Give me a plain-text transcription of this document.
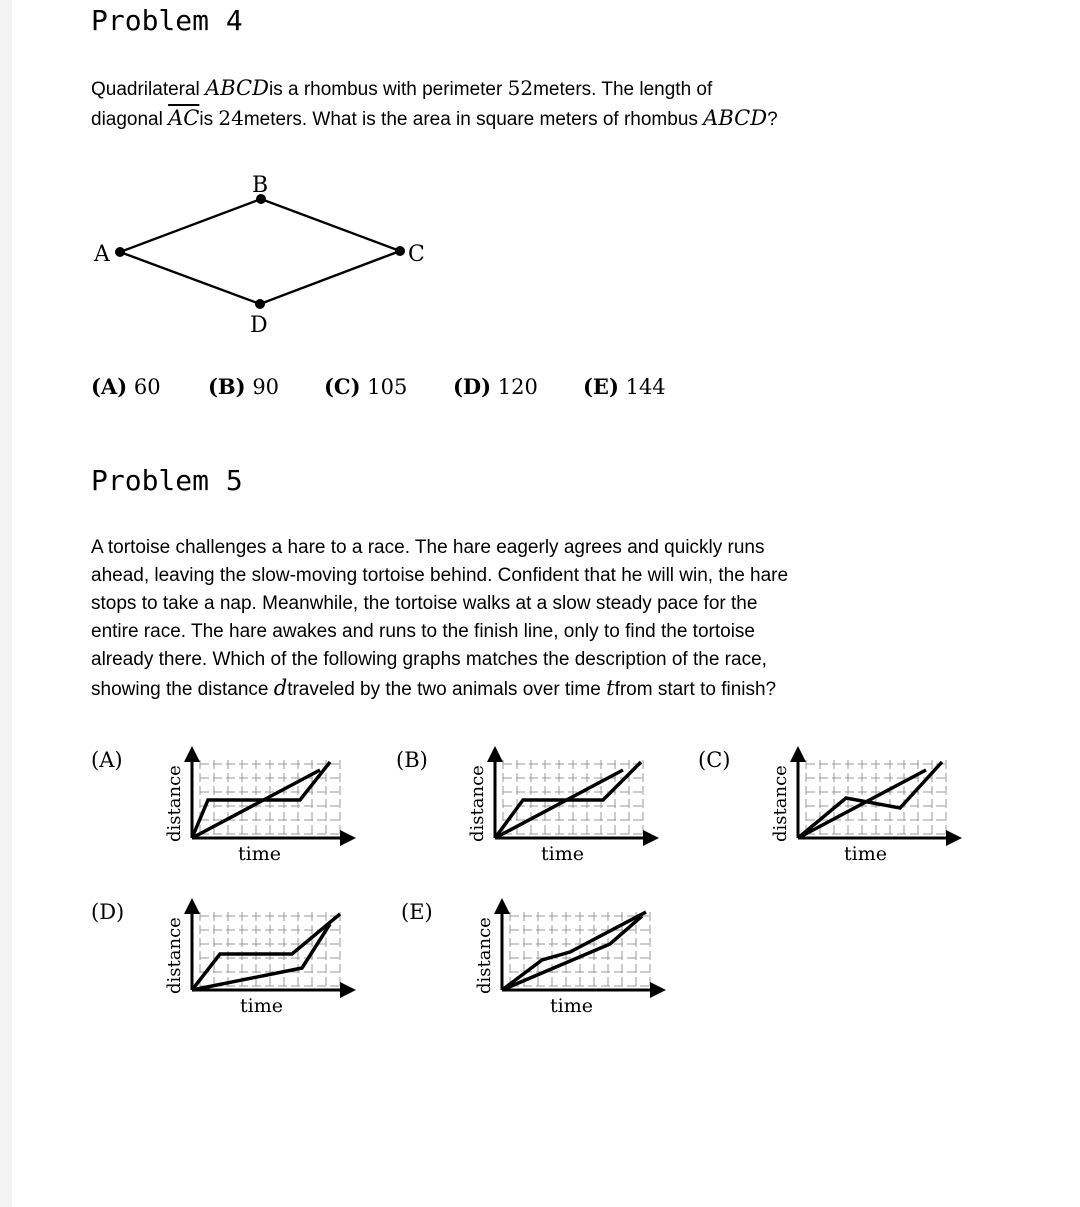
Problem 4
Quadrilateral ABCDis a rhombus with perimeter 52meters. The length of
diagonal $\overline{AC}is$ 24meters. What is the area in square meters of rhombus ABCD?
A
B
C
D
(A) 60 (B) 90 (C) 105 (D) 120 (E) 144
Problem 5
A tortoise challenges a hare to a race. The hare eagerly agrees and quickly runs
ahead, leaving the slow-moving tortoise behind. Confident that he will win, the hare
stops to take a nap. Meanwhile, the tortoise walks at a slow steady pace for the
entire race. The hare awakes and runs to the finish line, only to find the tortoise
already there. Which of the following graphs matches the description of the race,
showing the distance dtraveled by the two animals over time tfrom start to finish?
(A)	(B)	(C)
(D)	(E)
distance
time
distance
time
distance
time
distance
time
distance
time
